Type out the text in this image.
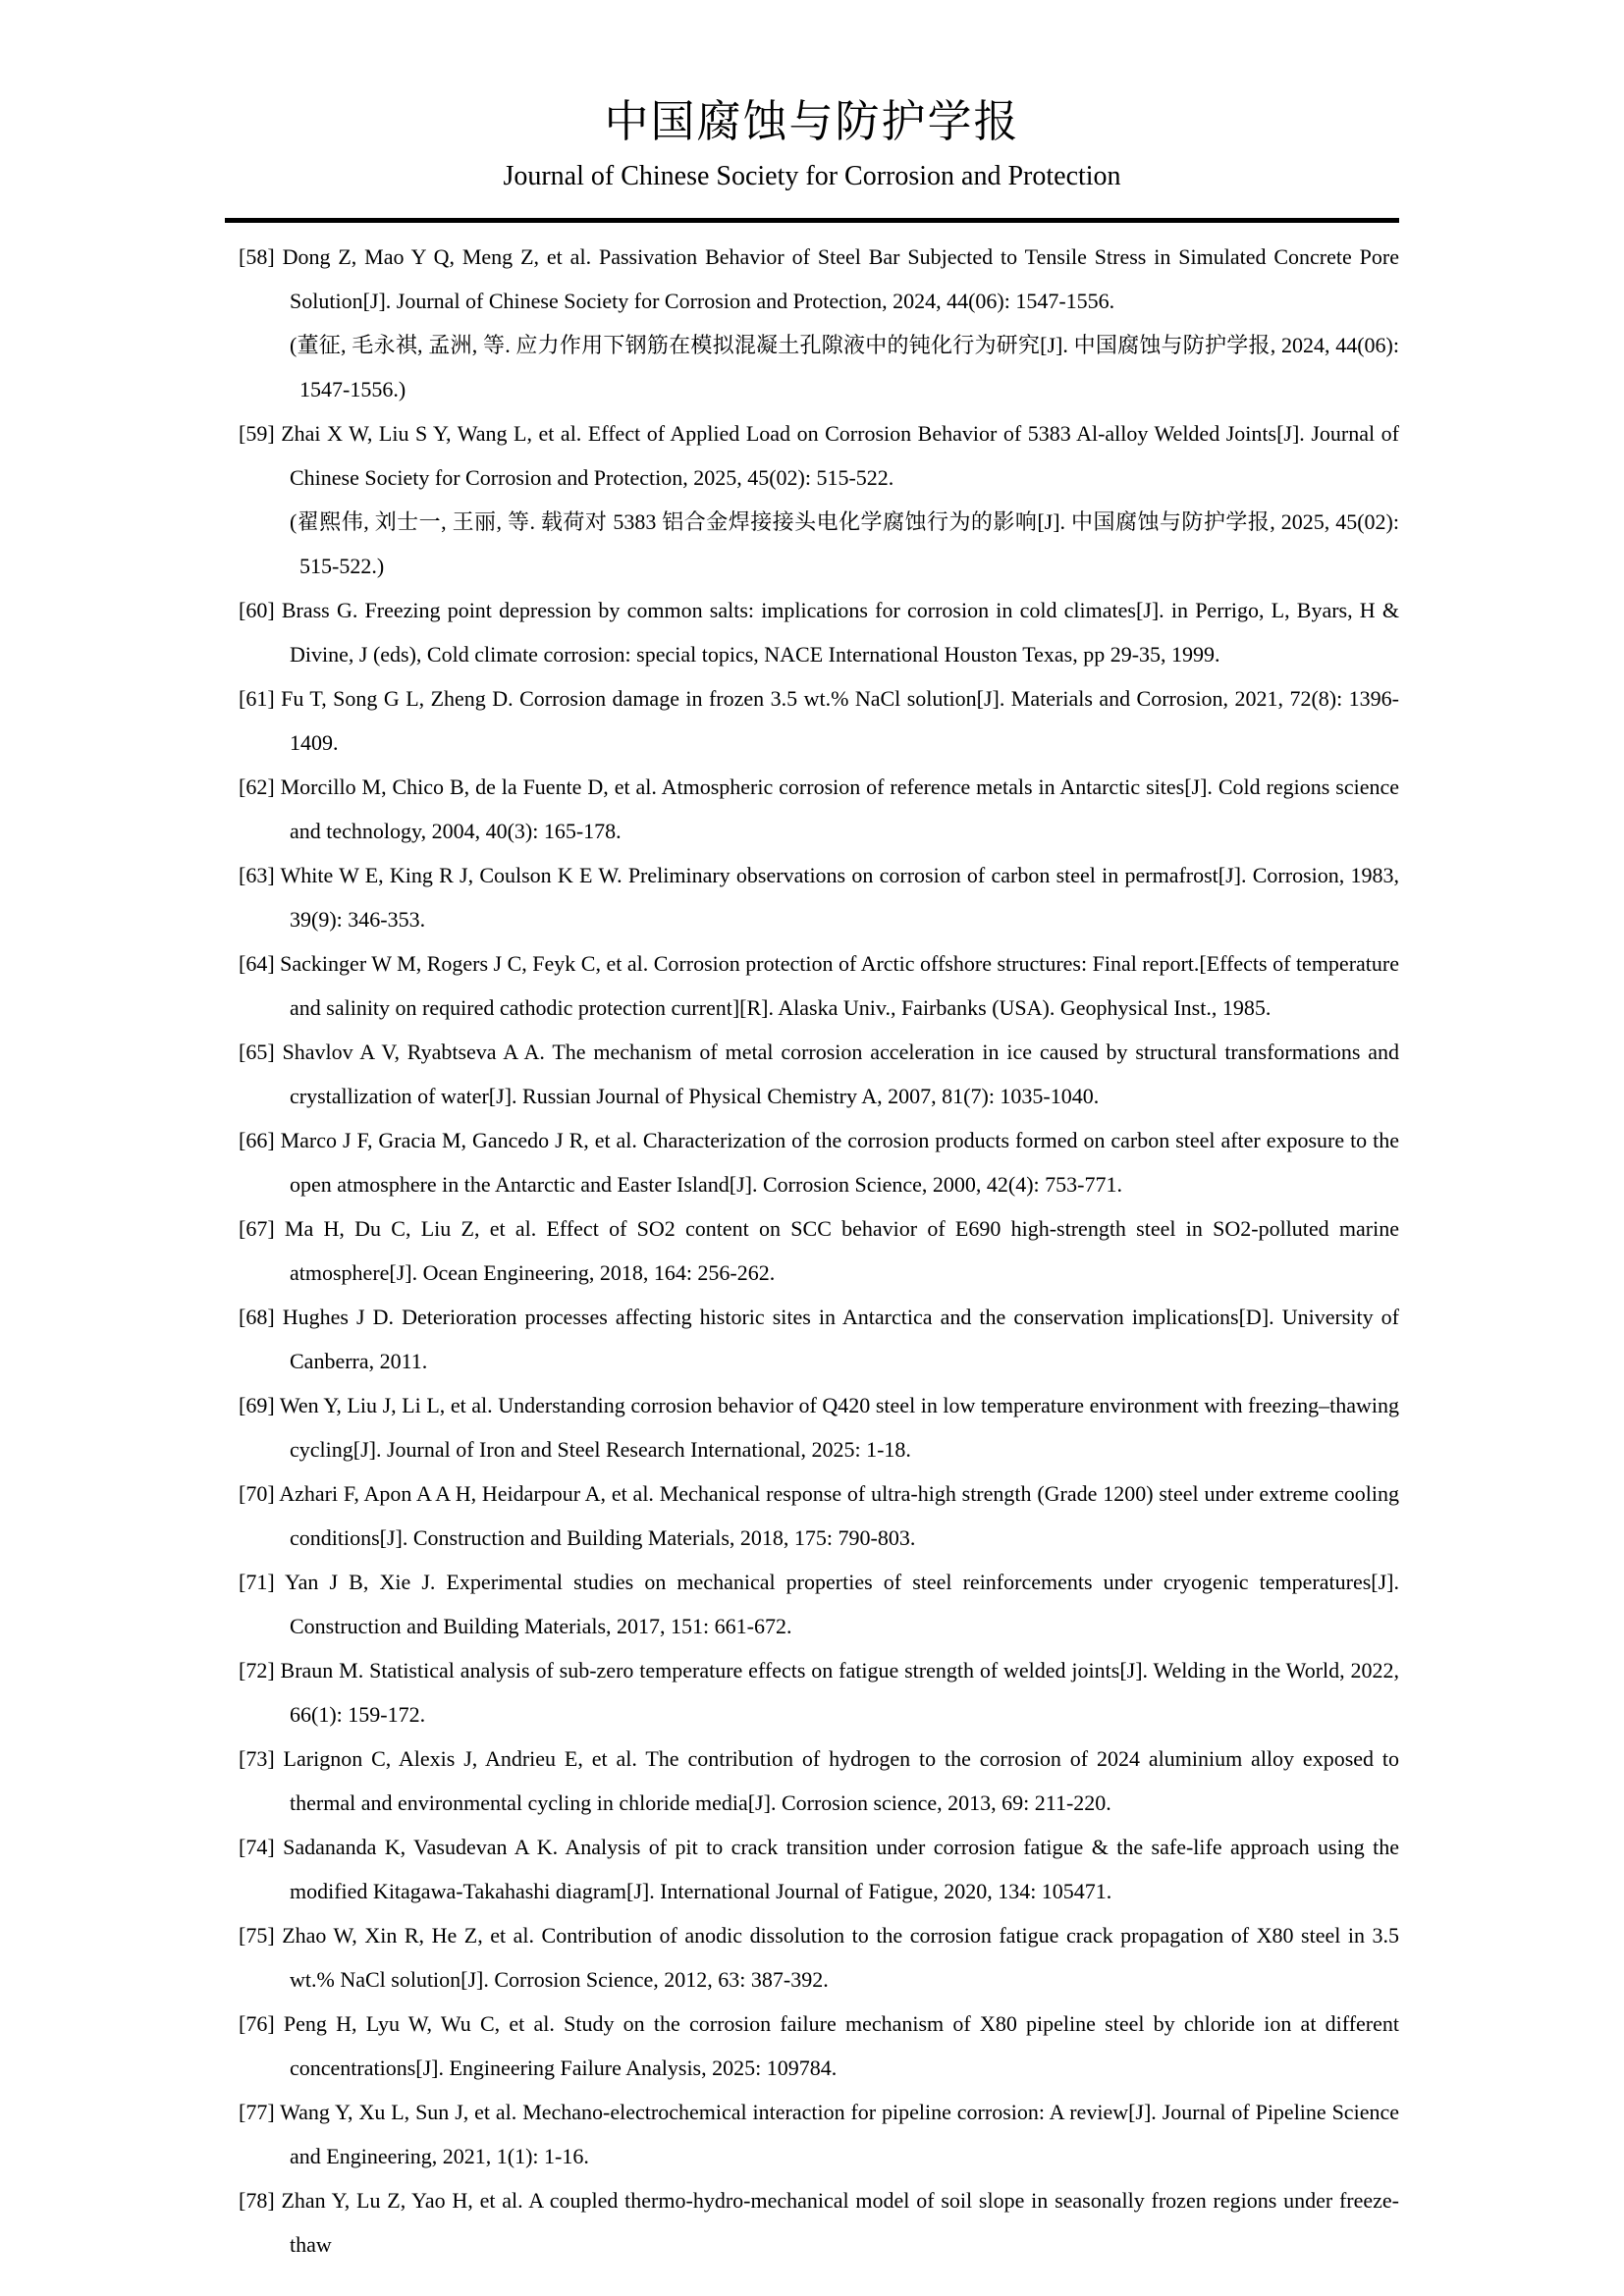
中国腐蚀与防护学报
Journal of Chinese Society for Corrosion and Protection

[58] Dong Z, Mao Y Q, Meng Z, et al. Passivation Behavior of Steel Bar Subjected to Tensile Stress in Simulated Concrete Pore Solution[J]. Journal of Chinese Society for Corrosion and Protection, 2024, 44(06): 1547-1556.

(董征, 毛永祺, 孟洲, 等. 应力作用下钢筋在模拟混凝土孔隙液中的钝化行为研究[J]. 中国腐蚀与防护学报, 2024, 44(06): 1547-1556.)

[59] Zhai X W, Liu S Y, Wang L, et al. Effect of Applied Load on Corrosion Behavior of 5383 Al-alloy Welded Joints[J]. Journal of Chinese Society for Corrosion and Protection, 2025, 45(02): 515-522.

(翟熙伟, 刘士一, 王丽, 等. 载荷对 5383 铝合金焊接接头电化学腐蚀行为的影响[J]. 中国腐蚀与防护学报, 2025, 45(02): 515-522.)

[60] Brass G. Freezing point depression by common salts: implications for corrosion in cold climates[J]. in Perrigo, L, Byars, H & Divine, J (eds), Cold climate corrosion: special topics, NACE International Houston Texas, pp 29-35, 1999.

[61] Fu T, Song G L, Zheng D. Corrosion damage in frozen 3.5 wt.% NaCl solution[J]. Materials and Corrosion, 2021, 72(8): 1396-1409.

[62] Morcillo M, Chico B, de la Fuente D, et al. Atmospheric corrosion of reference metals in Antarctic sites[J]. Cold regions science and technology, 2004, 40(3): 165-178.

[63] White W E, King R J, Coulson K E W. Preliminary observations on corrosion of carbon steel in permafrost[J]. Corrosion, 1983, 39(9): 346-353.

[64] Sackinger W M, Rogers J C, Feyk C, et al. Corrosion protection of Arctic offshore structures: Final report.[Effects of temperature and salinity on required cathodic protection current][R]. Alaska Univ., Fairbanks (USA). Geophysical Inst., 1985.

[65] Shavlov A V, Ryabtseva A A. The mechanism of metal corrosion acceleration in ice caused by structural transformations and crystallization of water[J]. Russian Journal of Physical Chemistry A, 2007, 81(7): 1035-1040.

[66] Marco J F, Gracia M, Gancedo J R, et al. Characterization of the corrosion products formed on carbon steel after exposure to the open atmosphere in the Antarctic and Easter Island[J]. Corrosion Science, 2000, 42(4): 753-771.

[67] Ma H, Du C, Liu Z, et al. Effect of SO2 content on SCC behavior of E690 high-strength steel in SO2-polluted marine atmosphere[J]. Ocean Engineering, 2018, 164: 256-262.

[68] Hughes J D. Deterioration processes affecting historic sites in Antarctica and the conservation implications[D]. University of Canberra, 2011.

[69] Wen Y, Liu J, Li L, et al. Understanding corrosion behavior of Q420 steel in low temperature environment with freezing–thawing cycling[J]. Journal of Iron and Steel Research International, 2025: 1-18.

[70] Azhari F, Apon A A H, Heidarpour A, et al. Mechanical response of ultra-high strength (Grade 1200) steel under extreme cooling conditions[J]. Construction and Building Materials, 2018, 175: 790-803.

[71] Yan J B, Xie J. Experimental studies on mechanical properties of steel reinforcements under cryogenic temperatures[J]. Construction and Building Materials, 2017, 151: 661-672.

[72] Braun M. Statistical analysis of sub-zero temperature effects on fatigue strength of welded joints[J]. Welding in the World, 2022, 66(1): 159-172.

[73] Larignon C, Alexis J, Andrieu E, et al. The contribution of hydrogen to the corrosion of 2024 aluminium alloy exposed to thermal and environmental cycling in chloride media[J]. Corrosion science, 2013, 69: 211-220.

[74] Sadananda K, Vasudevan A K. Analysis of pit to crack transition under corrosion fatigue & the safe-life approach using the modified Kitagawa-Takahashi diagram[J]. International Journal of Fatigue, 2020, 134: 105471.

[75] Zhao W, Xin R, He Z, et al. Contribution of anodic dissolution to the corrosion fatigue crack propagation of X80 steel in 3.5 wt.% NaCl solution[J]. Corrosion Science, 2012, 63: 387-392.

[76] Peng H, Lyu W, Wu C, et al. Study on the corrosion failure mechanism of X80 pipeline steel by chloride ion at different concentrations[J]. Engineering Failure Analysis, 2025: 109784.

[77] Wang Y, Xu L, Sun J, et al. Mechano-electrochemical interaction for pipeline corrosion: A review[J]. Journal of Pipeline Science and Engineering, 2021, 1(1): 1-16.

[78] Zhan Y, Lu Z, Yao H, et al. A coupled thermo-hydro-mechanical model of soil slope in seasonally frozen regions under freeze-thaw
